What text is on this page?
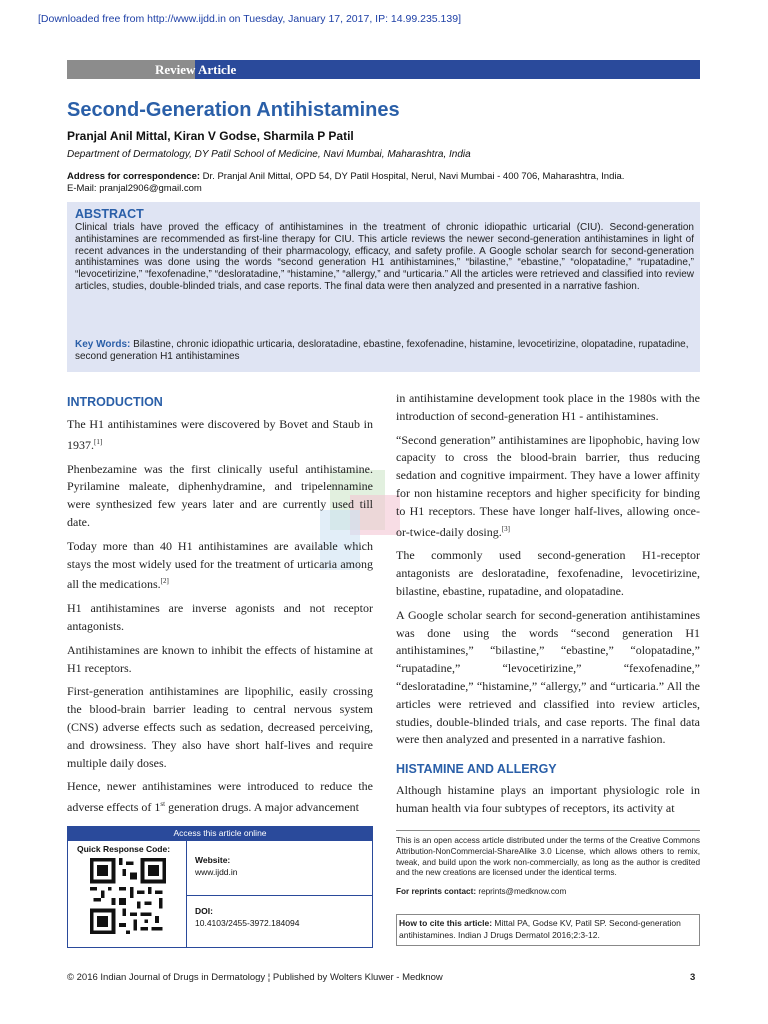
[Downloaded free from http://www.ijdd.in on Tuesday, January 17, 2017, IP: 14.99.235.139]
Review Article
Second-Generation Antihistamines
Pranjal Anil Mittal, Kiran V Godse, Sharmila P Patil
Department of Dermatology, DY Patil School of Medicine, Navi Mumbai, Maharashtra, India
Address for correspondence: Dr. Pranjal Anil Mittal, OPD 54, DY Patil Hospital, Nerul, Navi Mumbai - 400 706, Maharashtra, India.
E-Mail: pranjal2906@gmail.com
ABSTRACT
Clinical trials have proved the efficacy of antihistamines in the treatment of chronic idiopathic urticarial (CIU). Second-generation antihistamines are recommended as first-line therapy for CIU. This article reviews the newer second-generation antihistamines in light of recent advances in the understanding of their pharmacology, efficacy, and safety profile. A Google scholar search for second-generation antihistamines was done using the words “second generation H1 antihistamines,” “bilastine,” “ebastine,” “olopatadine,” “rupatadine,” “levocetirizine,” “fexofenadine,” “desloratadine,” “histamine,” “allergy,” and “urticaria.” All the articles were retrieved and classified into review articles, studies, double-blinded trials, and case reports. The final data were then analyzed and presented in a narrative fashion.
Key Words: Bilastine, chronic idiopathic urticaria, desloratadine, ebastine, fexofenadine, histamine, levocetirizine, olopatadine, rupatadine, second generation H1 antihistamines
INTRODUCTION

The H1 antihistamines were discovered by Bovet and Staub in 1937.[1]

Phenbezamine was the first clinically useful antihistamine. Pyrilamine maleate, diphenhydramine, and tripelennamine were synthesized few years later and are currently used till date.

Today more than 40 H1 antihistamines are available which stays the most widely used for the treatment of urticaria among all the medications.[2]

H1 antihistamines are inverse agonists and not receptor antagonists.

Antihistamines are known to inhibit the effects of histamine at H1 receptors.

First-generation antihistamines are lipophilic, easily crossing the blood-brain barrier leading to central nervous system (CNS) adverse effects such as sedation, decreased perceiving, and drowsiness. They also have short half-lives and require multiple daily doses.

Hence, newer antihistamines were introduced to reduce the adverse effects of 1st generation drugs. A major advancement

in antihistamine development took place in the 1980s with the introduction of second-generation H1 - antihistamines.

“Second generation” antihistamines are lipophobic, having low capacity to cross the blood-brain barrier, thus reducing sedation and cognitive impairment. They have a lower affinity for non histamine receptors and higher specificity for binding to H1 receptors. These have longer half-lives, allowing once-or-twice-daily dosing.[3]

The commonly used second-generation H1-receptor antagonists are desloratadine, fexofenadine, levocetirizine, bilastine, ebastine, rupatadine, and olopatadine.

A Google scholar search for second-generation antihistamines was done using the words “second generation H1 antihistamines,” “bilastine,” “ebastine,” “olopatadine,” “rupatadine,” “levocetirizine,” “fexofenadine,” “desloratadine,” “histamine,” “allergy,” and “urticaria.” All the articles were retrieved and classified into review articles, studies, double-blinded trials, and case reports. The final data were then analyzed and presented in a narrative fashion.

HISTAMINE AND ALLERGY
Although histamine plays an important physiologic role in human health via four subtypes of receptors, its activity at
Access this article online
Quick Response Code:
Website:
www.ijdd.in
DOI:
10.4103/2455-3972.184094
This is an open access article distributed under the terms of the Creative Commons Attribution-NonCommercial-ShareAlike 3.0 License, which allows others to remix, tweak, and build upon the work non-commercially, as long as the author is credited and the new creations are licensed under the identical terms.
For reprints contact: reprints@medknow.com
How to cite this article: Mittal PA, Godse KV, Patil SP. Second-generation antihistamines. Indian J Drugs Dermatol 2016;2:3-12.
© 2016 Indian Journal of Drugs in Dermatology ¦ Published by Wolters Kluwer - Medknow	3
